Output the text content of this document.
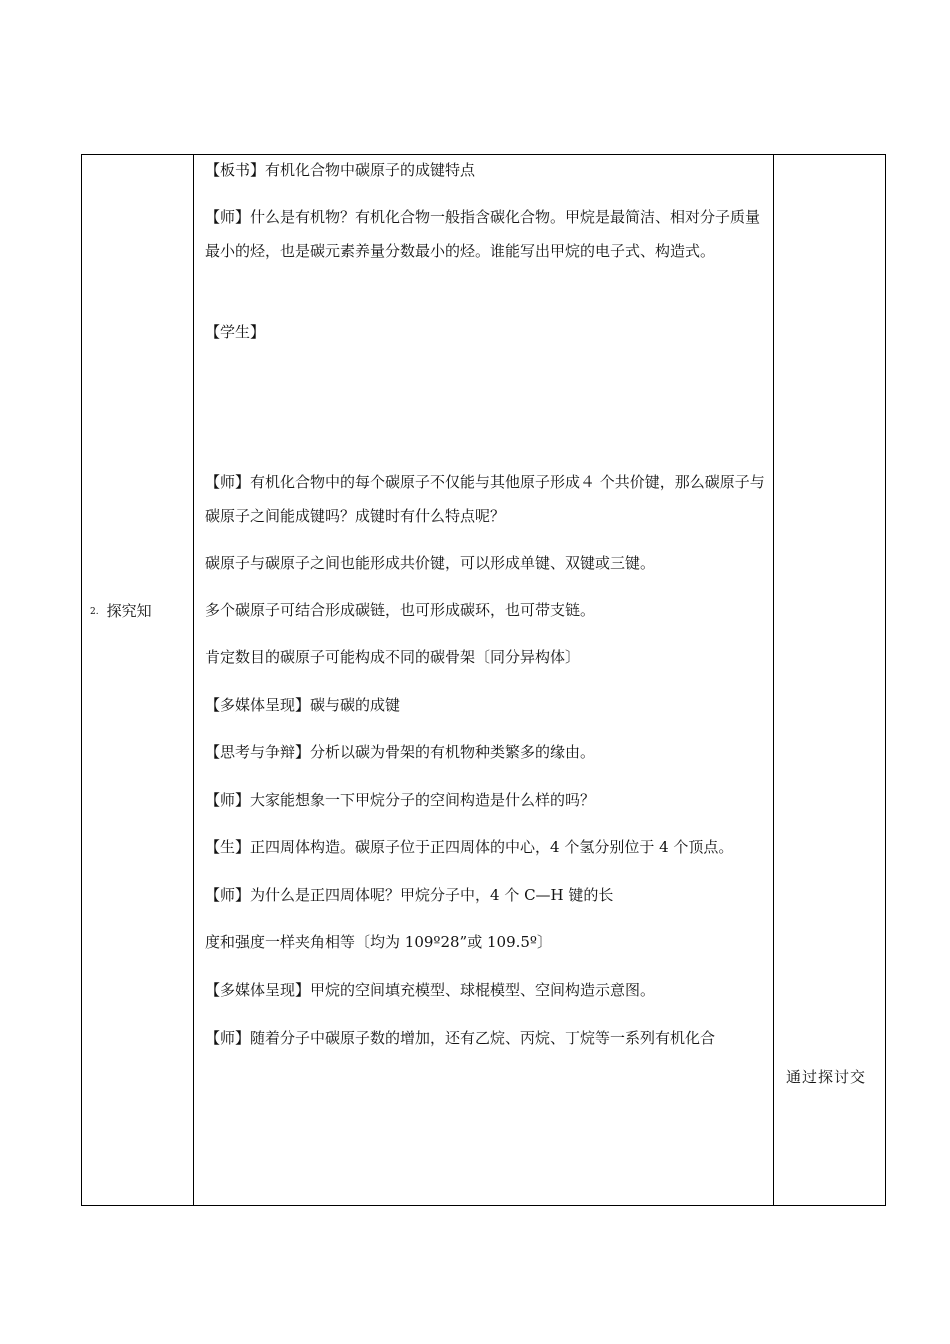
2. 探究知
通过探讨交
【板书】有机化合物中碳原子的成键特点
【师】什么是有机物？有机化合物一般指含碳化合物。甲烷是最简洁、相对分子质量最小的烃，也是碳元素养量分数最小的烃。谁能写出甲烷的电子式、构造式。
【学生】
【师】有机化合物中的每个碳原子不仅能与其他原子形成４ 个共价键，那么碳原子与碳原子之间能成键吗？成键时有什么特点呢？
碳原子与碳原子之间也能形成共价键，可以形成单键、双键或三键。
多个碳原子可结合形成碳链，也可形成碳环，也可带支链。
肯定数目的碳原子可能构成不同的碳骨架〔同分异构体〕
【多媒体呈现】碳与碳的成键
【思考与争辩】分析以碳为骨架的有机物种类繁多的缘由。
【师】大家能想象一下甲烷分子的空间构造是什么样的吗？
【生】正四周体构造。碳原子位于正四周体的中心，4 个氢分别位于 4 个顶点。
【师】为什么是正四周体呢？甲烷分子中，4 个 C—H 键的长
度和强度一样夹角相等〔均为 109º28”或 109.5º〕
【多媒体呈现】甲烷的空间填充模型、球棍模型、空间构造示意图。
【师】随着分子中碳原子数的增加，还有乙烷、丙烷、丁烷等一系列有机化合
